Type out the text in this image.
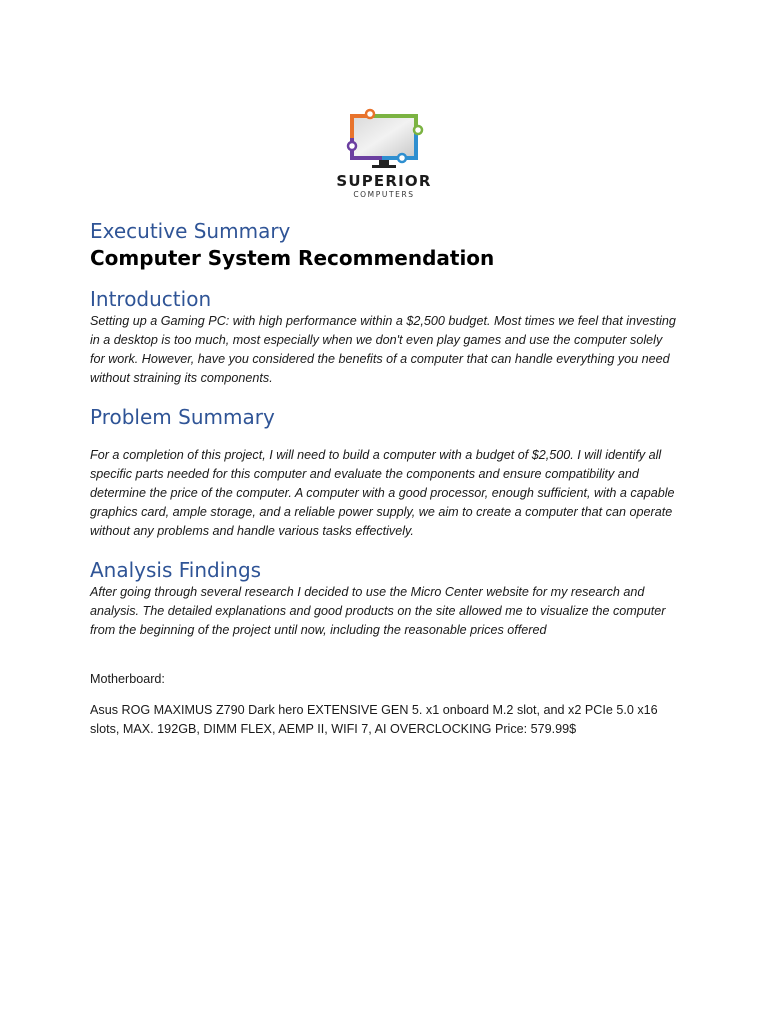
SUPERIOR
COMPUTERS
Executive Summary
Computer System Recommendation
Introduction

Setting up a Gaming PC: with high performance within a $2,500 budget. Most times we feel that investing in a desktop is too much, most especially when we don't even play games and use the computer solely for work. However, have you considered the benefits of a computer that can handle everything you need without straining its components.

Problem Summary

For a completion of this project, I will need to build a computer with a budget of $2,500. I will identify all specific parts needed for this computer and evaluate the components and ensure compatibility and determine the price of the computer. A computer with a good processor, enough sufficient, with a capable graphics card, ample storage, and a reliable power supply, we aim to create a computer that can operate without any problems and handle various tasks effectively.

Analysis Findings

After going through several research I decided to use the Micro Center website for my research and analysis. The detailed explanations and good products on the site allowed me to visualize the computer

from the beginning of the project until now, including the reasonable prices offered

Motherboard:

Asus ROG MAXIMUS Z790 Dark hero EXTENSIVE GEN 5. x1 onboard M.2 slot, and x2 PCIe 5.0 x16 slots, MAX. 192GB, DIMM FLEX, AEMP II, WIFI 7, AI OVERCLOCKING Price: 579.99$
